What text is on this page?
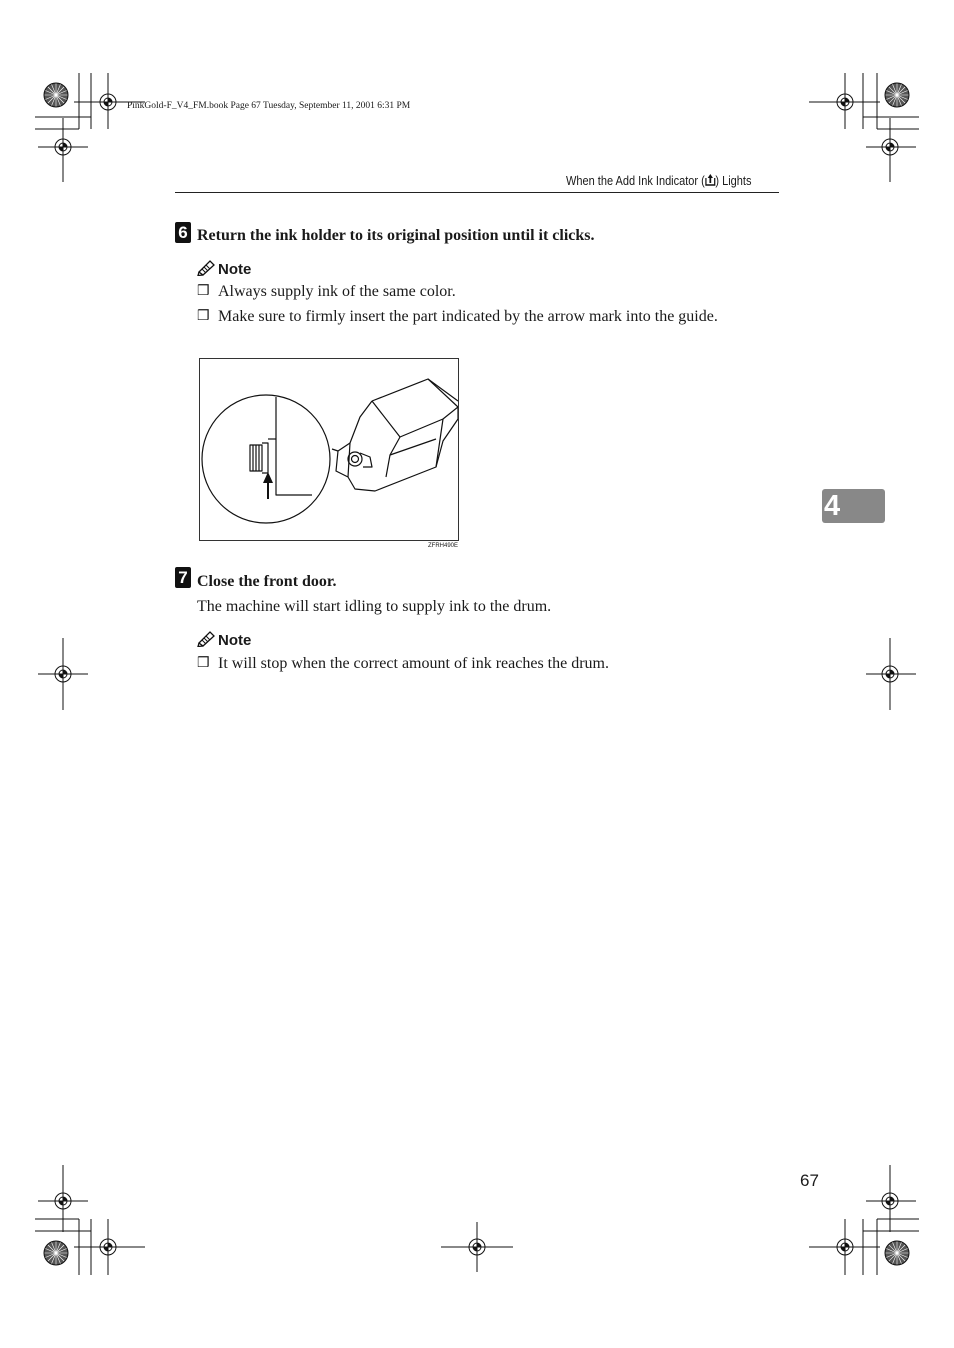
PinkGold-F_V4_FM.book Page 67 Tuesday, September 11, 2001 6:31 PM
When the Add Ink Indicator ( ) Lights
6 Return the ink holder to its original position until it clicks.
Note
❒ Always supply ink of the same color.
❒ Make sure to firmly insert the part indicated by the arrow mark into the guide.
ZFRH490E
7 Close the front door.
The machine will start idling to supply ink to the drum.
Note
❒ It will stop when the correct amount of ink reaches the drum.
4
67
